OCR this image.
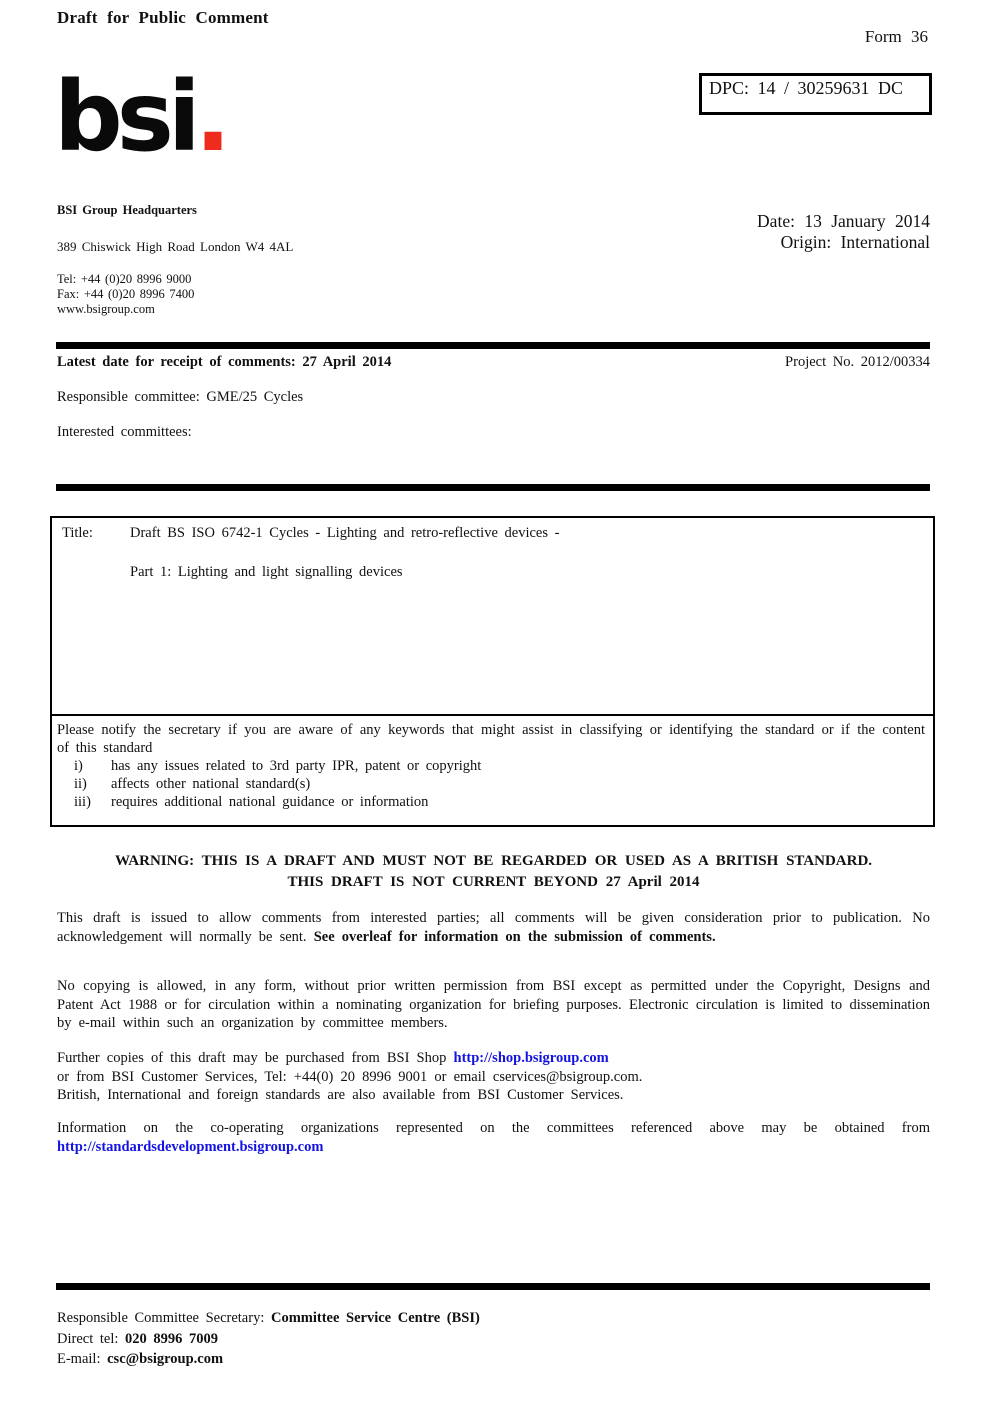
Draft for Public Comment
Form 36
DPC: 14 / 30259631 DC
bsi.
BSI Group Headquarters
389 Chiswick High Road London W4 4AL
Tel: +44 (0)20 8996 9000
Fax: +44 (0)20 8996 7400
www.bsigroup.com
Date: 13 January 2014
Origin: International
Latest date for receipt of comments: 27 April 2014	Project No. 2012/00334
Responsible committee: GME/25 Cycles
Interested committees:
Title:	Draft BS ISO 6742-1 Cycles - Lighting and retro-reflective devices -
Part 1: Lighting and light signalling devices
Please notify the secretary if you are aware of any keywords that might assist in classifying or identifying the standard or if the content of this standard
i)	has any issues related to 3rd party IPR, patent or copyright
ii)	affects other national standard(s)
iii)	requires additional national guidance or information
WARNING: THIS IS A DRAFT AND MUST NOT BE REGARDED OR USED AS A BRITISH STANDARD.
THIS DRAFT IS NOT CURRENT BEYOND 27 April 2014
This draft is issued to allow comments from interested parties; all comments will be given consideration prior to publication. No acknowledgement will normally be sent. See overleaf for information on the submission of comments.
No copying is allowed, in any form, without prior written permission from BSI except as permitted under the Copyright, Designs and Patent Act 1988 or for circulation within a nominating organization for briefing purposes. Electronic circulation is limited to dissemination by e-mail within such an organization by committee members.
Further copies of this draft may be purchased from BSI Shop http://shop.bsigroup.com
or from BSI Customer Services, Tel: +44(0) 20 8996 9001 or email cservices@bsigroup.com.
British, International and foreign standards are also available from BSI Customer Services.
Information on the co-operating organizations represented on the committees referenced above may be obtained from
http://standardsdevelopment.bsigroup.com
Responsible Committee Secretary: Committee Service Centre (BSI)
Direct tel: 020 8996 7009
E-mail: csc@bsigroup.com
